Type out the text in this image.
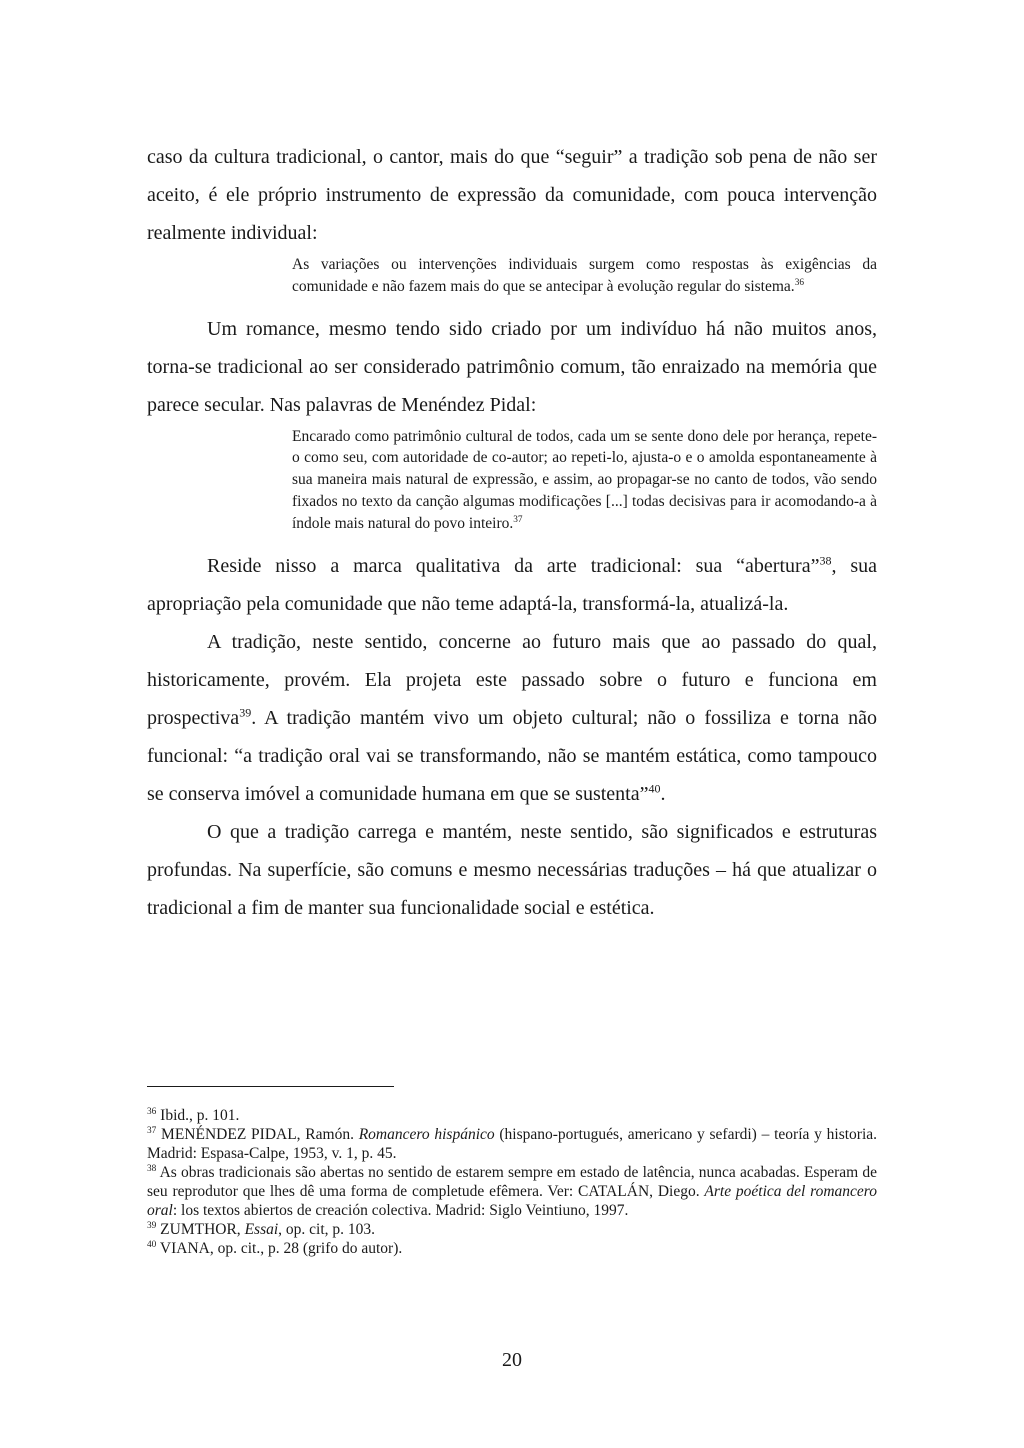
caso da cultura tradicional, o cantor, mais do que “seguir” a tradição sob pena de não ser aceito, é ele próprio instrumento de expressão da comunidade, com pouca intervenção realmente individual:

As variações ou intervenções individuais surgem como respostas às exigências da comunidade e não fazem mais do que se antecipar à evolução regular do sistema.$^{36}$

Um romance, mesmo tendo sido criado por um indivíduo há não muitos anos, torna-se tradicional ao ser considerado patrimônio comum, tão enraizado na memória que parece secular. Nas palavras de Menéndez Pidal:

Encarado como patrimônio cultural de todos, cada um se sente dono dele por herança, repete-o como seu, com autoridade de co-autor; ao repeti-lo, ajusta-o e o amolda espontaneamente à sua maneira mais natural de expressão, e assim, ao propagar-se no canto de todos, vão sendo fixados no texto da canção algumas modificações [...] todas decisivas para ir acomodando-a à índole mais natural do povo inteiro.$^{37}$

Reside nisso a marca qualitativa da arte tradicional: sua “abertura”$^{38}$, sua apropriação pela comunidade que não teme adaptá-la, transformá-la, atualizá-la.

A tradição, neste sentido, concerne ao futuro mais que ao passado do qual, historicamente, provém. Ela projeta este passado sobre o futuro e funciona em prospectiva$^{39}$. A tradição mantém vivo um objeto cultural; não o fossiliza e torna não funcional: “a tradição oral vai se transformando, não se mantém estática, como tampouco se conserva imóvel a comunidade humana em que se sustenta”$^{40}$.

O que a tradição carrega e mantém, neste sentido, são significados e estruturas profundas. Na superfície, são comuns e mesmo necessárias traduções – há que atualizar o tradicional a fim de manter sua funcionalidade social e estética.

$^{36}$ Ibid., p. 101.

$^{37}$ MENÉNDEZ PIDAL, Ramón. Romancero hispánico (hispano-portugués, americano y sefardi) – teoría y historia. Madrid: Espasa-Calpe, 1953, v. 1, p. 45.

$^{38}$ As obras tradicionais são abertas no sentido de estarem sempre em estado de latência, nunca acabadas. Esperam de seu reprodutor que lhes dê uma forma de completude efêmera. Ver: CATALÁN, Diego. Arte poética del romancero oral: los textos abiertos de creación colectiva. Madrid: Siglo Veintiuno, 1997.

$^{39}$ ZUMTHOR, Essai, op. cit, p. 103.

$^{40}$ VIANA, op. cit., p. 28 (grifo do autor).

20
